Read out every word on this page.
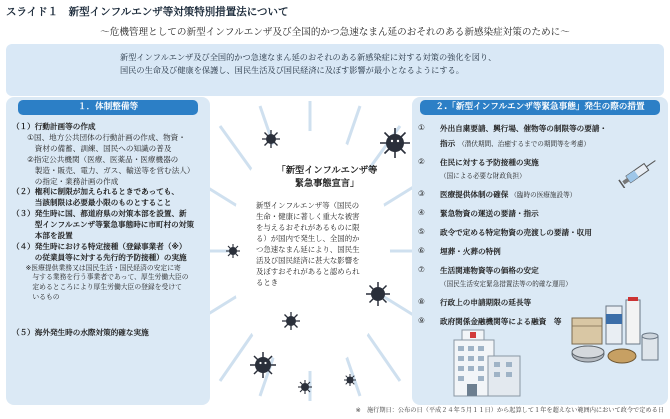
スライド１　新型インフルエンザ等対策特別措置法について
～危機管理としての新型インフルエンザ及び全国的かつ急速なまん延のおそれのある新感染症対策のために～
新型インフルエンザ及び全国的かつ急速なまん延のおそれのある新感染症に対する対策の強化を図り、
国民の生命及び健康を保護し、国民生活及び国民経済に及ぼす影響が最小となるようにする。
１．体制整備等
（１）行動計画等の作成
　　①国、地方公共団体の行動計画の作成、物資・
　　　資材の備蓄、訓練、国民への知識の普及
　　②指定公共機関（医療、医薬品・医療機器の
　　　製造・販売、電力、ガス、輸送等を営む法人）
　　　の指定・業務計画の作成
（２）権利に制限が加えられるときであっても、
　　　当該制限は必要最小限のものとすること
（３）発生時に国、都道府県の対策本部を設置、新
　　　型インフルエンザ等緊急事態時に市町村の対策
　　　本部を設置
（４）発生時における特定接種（登録事業者（※）
　　　の従業員等に対する先行的予防接種）の実施
　　※医療提供業務又は国民生活・国民経済の安定に寄
　　　与する業務を行う事業者であって、厚生労働大臣の
　　　定めるところにより厚生労働大臣の登録を受けて
　　　いるもの
（５）海外発生時の水際対策的確な実施
「新型インフルエンザ等
緊急事態宣言」
新型インフルエンザ等（国民の
生命・健康に著しく重大な被害
を与えるおそれがあるものに限
る）が国内で発生し、全国的か
つ急速なまん延により、国民生
活及び国民経済に甚大な影響を
及ぼすおそれがあると認められ
るとき
２.「新型インフルエンザ等緊急事態」発生の際の措置
①	外出自粛要請、興行場、催物等の制限等の要請・
指示 （潜伏期間、治癒するまでの期間等を考慮）
②	住民に対する予防接種の実施
（国による必要な財政負担）
③	医療提供体制の確保 （臨時の医療施設等）
④	緊急物資の運送の要請・指示
⑤	政令で定める特定物資の売渡しの要請・収用
⑥	埋葬・火葬の特例
⑦	生活関連物資等の価格の安定
（国民生活安定緊急措置法等の的確な運用）
⑧	行政上の申請期限の延長等
⑨	政府関係金融機関等による融資　等
※　施行期日：公布の日（平成２４年５月１１日）から起算して１年を超えない範囲内において政令で定める日
